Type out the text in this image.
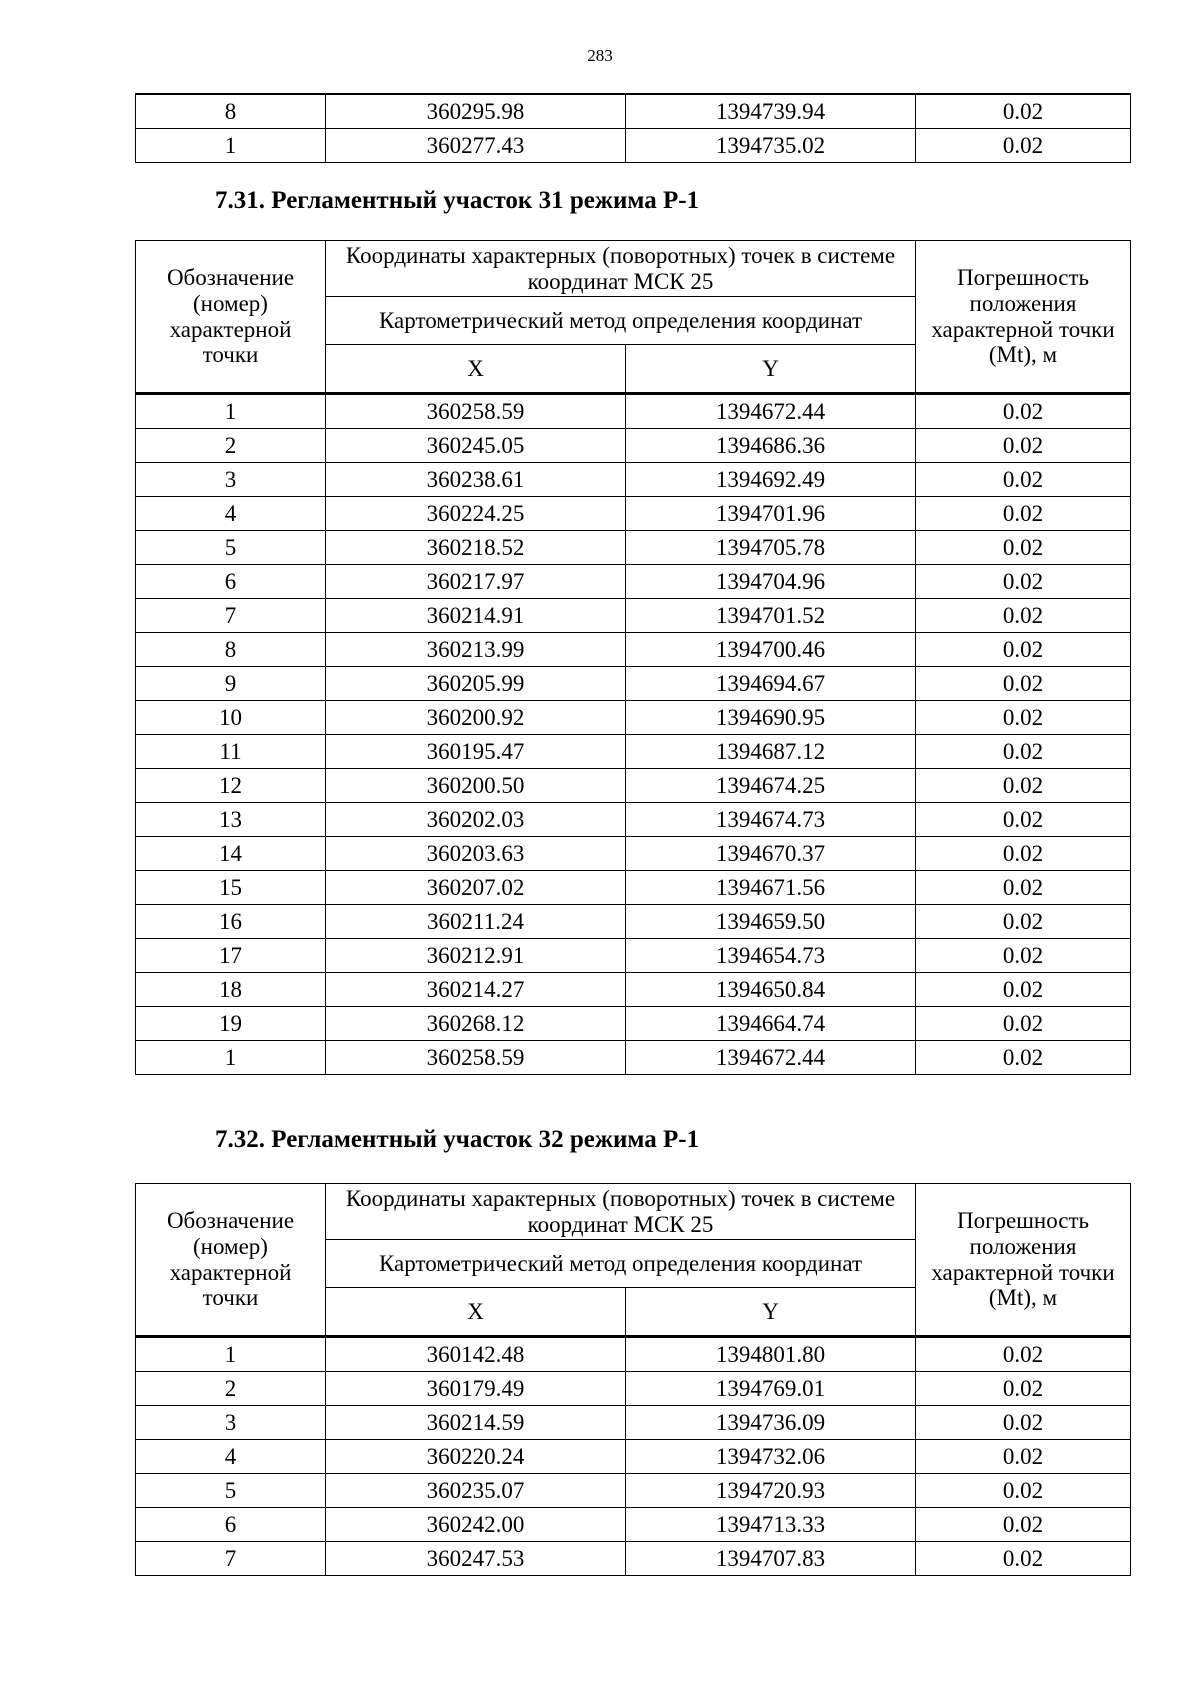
283
8	360295.98	1394739.94	0.02
1	360277.43	1394735.02	0.02
7.31. Регламентный участок 31 режима Р-1
Обозначение (номер) характерной точки	Координаты характерных (поворотных) точек в системе координат МСК 25		Погрешность положения характерной точки (Mt), м
	Картометрический метод определения координат		
	X	Y	
1	360258.59	1394672.44	0.02
2	360245.05	1394686.36	0.02
3	360238.61	1394692.49	0.02
4	360224.25	1394701.96	0.02
5	360218.52	1394705.78	0.02
6	360217.97	1394704.96	0.02
7	360214.91	1394701.52	0.02
8	360213.99	1394700.46	0.02
9	360205.99	1394694.67	0.02
10	360200.92	1394690.95	0.02
11	360195.47	1394687.12	0.02
12	360200.50	1394674.25	0.02
13	360202.03	1394674.73	0.02
14	360203.63	1394670.37	0.02
15	360207.02	1394671.56	0.02
16	360211.24	1394659.50	0.02
17	360212.91	1394654.73	0.02
18	360214.27	1394650.84	0.02
19	360268.12	1394664.74	0.02
1	360258.59	1394672.44	0.02
7.32. Регламентный участок 32 режима Р-1
Обозначение (номер) характерной точки	Координаты характерных (поворотных) точек в системе координат МСК 25		Погрешность положения характерной точки (Mt), м
	Картометрический метод определения координат		
	X	Y	
1	360142.48	1394801.80	0.02
2	360179.49	1394769.01	0.02
3	360214.59	1394736.09	0.02
4	360220.24	1394732.06	0.02
5	360235.07	1394720.93	0.02
6	360242.00	1394713.33	0.02
7	360247.53	1394707.83	0.02
